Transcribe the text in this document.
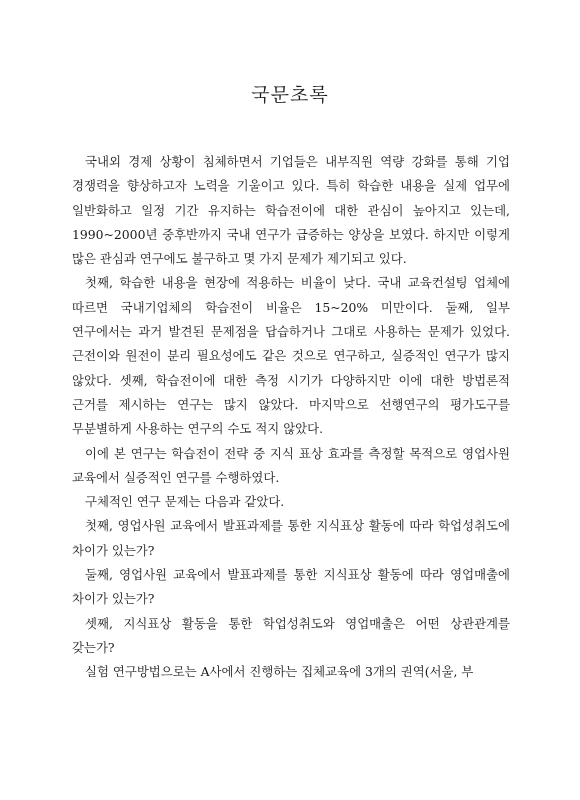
국문초록

국내외 경제 상황이 침체하면서 기업들은 내부직원 역량 강화를 통해 기업 경쟁력을 향상하고자 노력을 기울이고 있다. 특히 학습한 내용을 실제 업무에 일반화하고 일정 기간 유지하는 학습전이에 대한 관심이 높아지고 있는데, 1990~2000년 중후반까지 국내 연구가 급증하는 양상을 보였다. 하지만 이렇게 많은 관심과 연구에도 불구하고 몇 가지 문제가 제기되고 있다.

첫째, 학습한 내용을 현장에 적용하는 비율이 낮다. 국내 교육컨설팅 업체에 따르면 국내기업체의 학습전이 비율은 15~20% 미만이다. 둘째, 일부 연구에서는 과거 발견된 문제점을 답습하거나 그대로 사용하는 문제가 있었다. 근전이와 원전이 분리 필요성에도 같은 것으로 연구하고, 실증적인 연구가 많지 않았다. 셋째, 학습전이에 대한 측정 시기가 다양하지만 이에 대한 방법론적 근거를 제시하는 연구는 많지 않았다. 마지막으로 선행연구의 평가도구를 무분별하게 사용하는 연구의 수도 적지 않았다.

이에 본 연구는 학습전이 전략 중 지식 표상 효과를 측정할 목적으로 영업사원 교육에서 실증적인 연구를 수행하였다.

구체적인 연구 문제는 다음과 같았다.

첫째, 영업사원 교육에서 발표과제를 통한 지식표상 활동에 따라 학업성취도에 차이가 있는가?

둘째, 영업사원 교육에서 발표과제를 통한 지식표상 활동에 따라 영업매출에 차이가 있는가?

셋째, 지식표상 활동을 통한 학업성취도와 영업매출은 어떤 상관관계를 갖는가?

실험 연구방법으로는 A사에서 진행하는 집체교육에 3개의 권역(서울, 부
